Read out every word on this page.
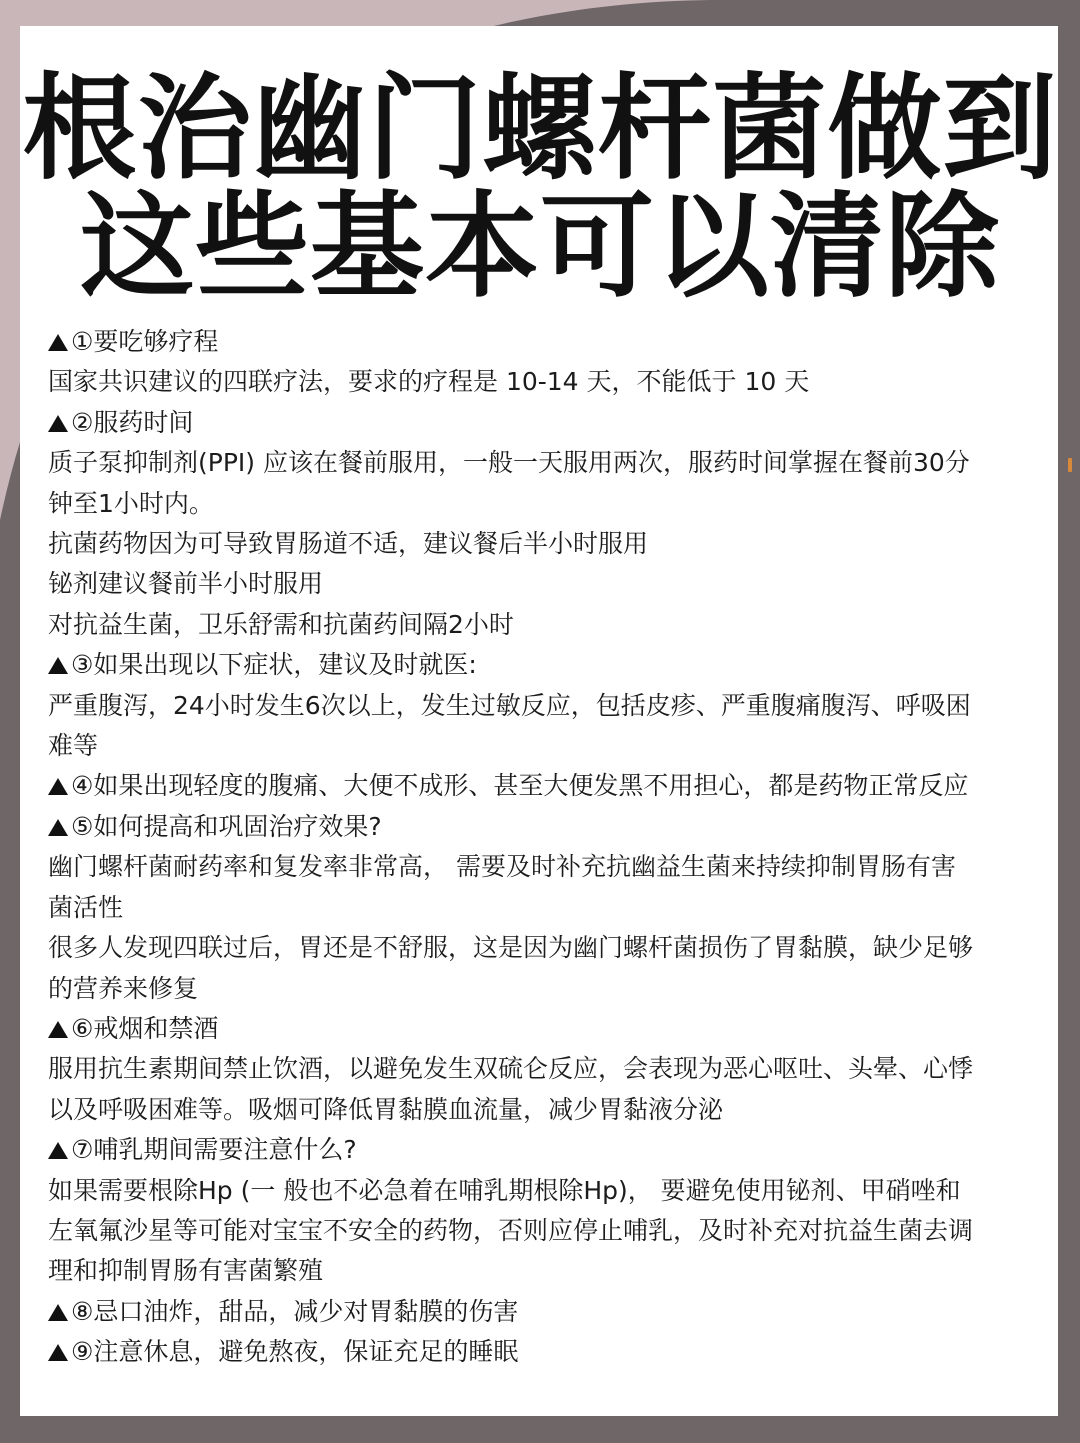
根治幽门螺杆菌做到
这些基本可以清除
①要吃够疗程
国家共识建议的四联疗法，要求的疗程是 10-14 天，不能低于 10 天
②服药时间
质子泵抑制剂(PPI) 应该在餐前服用，一般一天服用两次，服药时间掌握在餐前30分
钟至1小时内。
抗菌药物因为可导致胃肠道不适，建议餐后半小时服用
铋剂建议餐前半小时服用
对抗益生菌，卫乐舒需和抗菌药间隔2小时
③如果出现以下症状，建议及时就医:
严重腹泻，24小时发生6次以上，发生过敏反应，包括皮疹、严重腹痛腹泻、呼吸困
难等
④如果出现轻度的腹痛、大便不成形、甚至大便发黑不用担心，都是药物正常反应
⑤如何提高和巩固治疗效果?
幽门螺杆菌耐药率和复发率非常高， 需要及时补充抗幽益生菌来持续抑制胃肠有害
菌活性
很多人发现四联过后，胃还是不舒服，这是因为幽门螺杆菌损伤了胃黏膜，缺少足够
的营养来修复
⑥戒烟和禁酒
服用抗生素期间禁止饮酒，以避免发生双硫仑反应，会表现为恶心呕吐、头晕、心悸
以及呼吸困难等。吸烟可降低胃黏膜血流量，减少胃黏液分泌
⑦哺乳期间需要注意什么?
如果需要根除Hp (一 般也不必急着在哺乳期根除Hp)， 要避免使用铋剂、甲硝唑和
左氧氟沙星等可能对宝宝不安全的药物，否则应停止哺乳，及时补充对抗益生菌去调
理和抑制胃肠有害菌繁殖
⑧忌口油炸，甜品，减少对胃黏膜的伤害
⑨注意休息，避免熬夜，保证充足的睡眠
